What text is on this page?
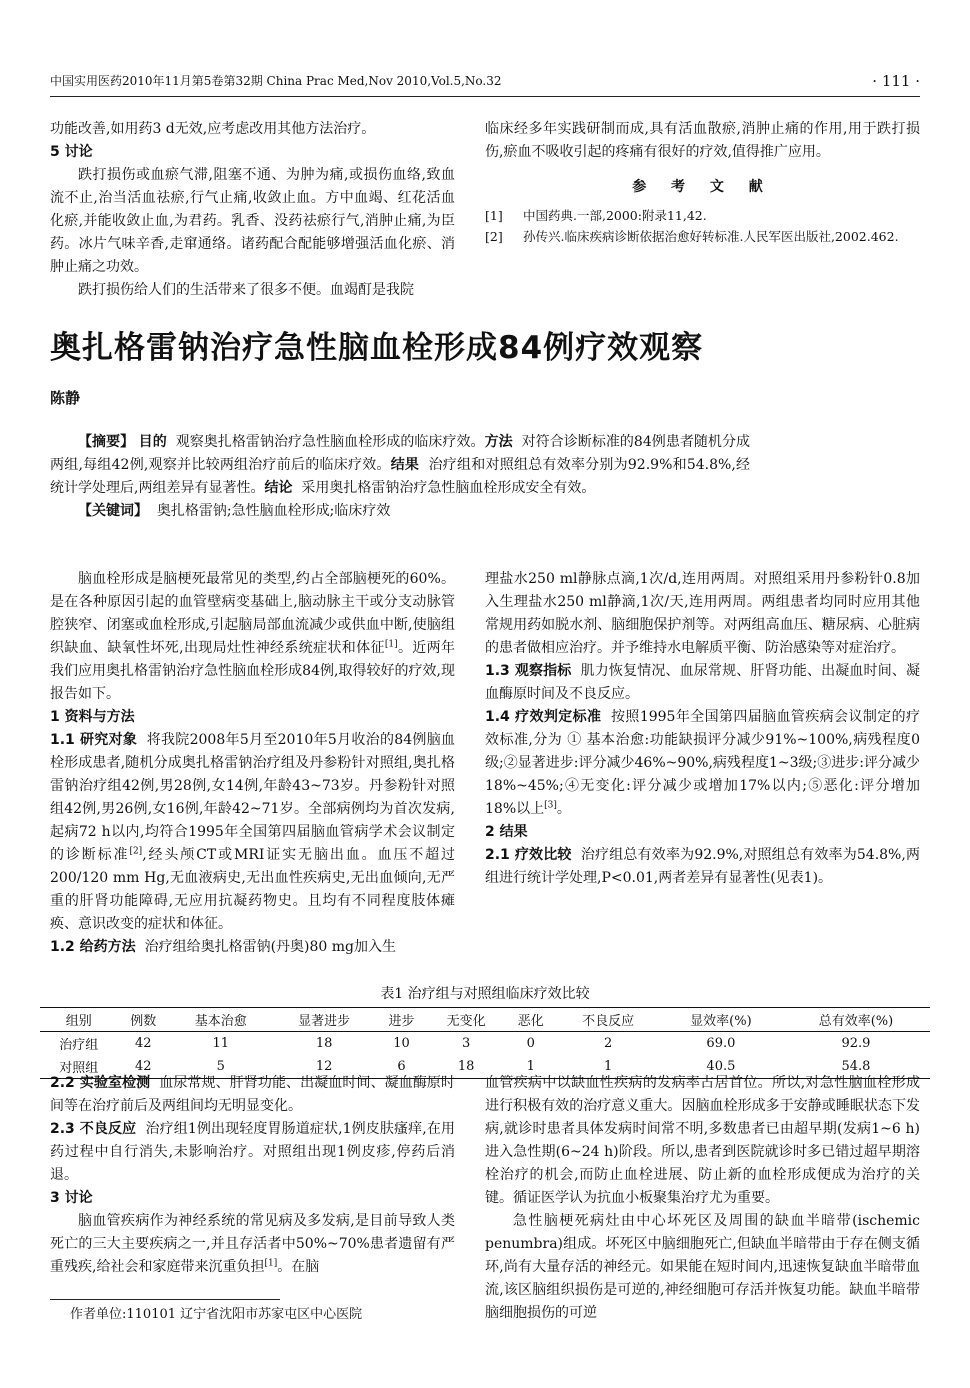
中国实用医药2010年11月第5卷第32期 China Prac Med,Nov 2010,Vol.5,No.32	· 111 ·

功能改善,如用药3 d无效,应考虑改用其他方法治疗。

5 讨论

跌打损伤或血瘀气滞,阻塞不通、为肿为痛,或损伤血络,致血流不止,治当活血祛瘀,行气止痛,收敛止血。方中血竭、红花活血化瘀,并能收敛止血,为君药。乳香、没药祛瘀行气,消肿止痛,为臣药。冰片气味辛香,走窜通络。诸药配合配能够增强活血化瘀、消肿止痛之功效。

跌打损伤给人们的生活带来了很多不便。血竭酊是我院

临床经多年实践研制而成,具有活血散瘀,消肿止痛的作用,用于跌打损伤,瘀血不吸收引起的疼痛有很好的疗效,值得推广应用。

参 考 文 献
[1]	中国药典.一部,2000:附录11,42.
[2]	孙传兴.临床疾病诊断依据治愈好转标准.人民军医出版社,2002.462.
奥扎格雷钠治疗急性脑血栓形成84例疗效观察
陈静

【摘要】 目的 观察奥扎格雷钠治疗急性脑血栓形成的临床疗效。方法 对符合诊断标准的84例患者随机分成两组,每组42例,观察并比较两组治疗前后的临床疗效。结果 治疗组和对照组总有效率分别为92.9%和54.8%,经统计学处理后,两组差异有显著性。结论 采用奥扎格雷钠治疗急性脑血栓形成安全有效。

【关键词】 奥扎格雷钠;急性脑血栓形成;临床疗效

脑血栓形成是脑梗死最常见的类型,约占全部脑梗死的60%。是在各种原因引起的血管壁病变基础上,脑动脉主干或分支动脉管腔狭窄、闭塞或血栓形成,引起脑局部血流减少或供血中断,使脑组织缺血、缺氧性坏死,出现局灶性神经系统症状和体征[1]。近两年我们应用奥扎格雷钠治疗急性脑血栓形成84例,取得较好的疗效,现报告如下。

1 资料与方法

1.1 研究对象 将我院2008年5月至2010年5月收治的84例脑血栓形成患者,随机分成奥扎格雷钠治疗组及丹参粉针对照组,奥扎格雷钠治疗组42例,男28例,女14例,年龄43~73岁。丹参粉针对照组42例,男26例,女16例,年龄42~71岁。全部病例均为首次发病,起病72 h以内,均符合1995年全国第四届脑血管病学术会议制定的诊断标准[2],经头颅CT或MRI证实无脑出血。血压不超过200/120 mm Hg,无血液病史,无出血性疾病史,无出血倾向,无严重的肝肾功能障碍,无应用抗凝药物史。且均有不同程度肢体瘫痪、意识改变的症状和体征。

1.2 给药方法 治疗组给奥扎格雷钠(丹奥)80 mg加入生

理盐水250 ml静脉点滴,1次/d,连用两周。对照组采用丹参粉针0.8加入生理盐水250 ml静滴,1次/天,连用两周。两组患者均同时应用其他常规用药如脱水剂、脑细胞保护剂等。对两组高血压、糖尿病、心脏病的患者做相应治疗。并予维持水电解质平衡、防治感染等对症治疗。

1.3 观察指标 肌力恢复情况、血尿常规、肝肾功能、出凝血时间、凝血酶原时间及不良反应。

1.4 疗效判定标准 按照1995年全国第四届脑血管疾病会议制定的疗效标准,分为 ① 基本治愈:功能缺损评分减少91%~100%,病残程度0级;②显著进步:评分减少46%~90%,病残程度1~3级;③进步:评分减少18%~45%;④无变化:评分减少或增加17%以内;⑤恶化:评分增加18%以上[3]。

2 结果

2.1 疗效比较 治疗组总有效率为92.9%,对照组总有效率为54.8%,两组进行统计学处理,P<0.01,两者差异有显著性(见表1)。

表1 治疗组与对照组临床疗效比较
组别	例数	基本治愈	显著进步	进步	无变化	恶化	不良反应	显效率(%)	总有效率(%)
治疗组	42	11	18	10	3	0	2	69.0	92.9
对照组	42	5	12	6	18	1	1	40.5	54.8

2.2 实验室检测 血尿常规、肝肾功能、出凝血时间、凝血酶原时间等在治疗前后及两组间均无明显变化。

2.3 不良反应 治疗组1例出现轻度胃肠道症状,1例皮肤瘙痒,在用药过程中自行消失,未影响治疗。对照组出现1例皮疹,停药后消退。

3 讨论

脑血管疾病作为神经系统的常见病及多发病,是目前导致人类死亡的三大主要疾病之一,并且存活者中50%~70%患者遗留有严重残疾,给社会和家庭带来沉重负担[1]。在脑

血管疾病中以缺血性疾病的发病率占居首位。所以,对急性脑血栓形成进行积极有效的治疗意义重大。因脑血栓形成多于安静或睡眠状态下发病,就诊时患者具体发病时间常不明,多数患者已由超早期(发病1~6 h)进入急性期(6~24 h)阶段。所以,患者到医院就诊时多已错过超早期溶栓治疗的机会,而防止血栓进展、防止新的血栓形成便成为治疗的关键。循证医学认为抗血小板聚集治疗尤为重要。

急性脑梗死病灶由中心坏死区及周围的缺血半暗带(ischemic penumbra)组成。坏死区中脑细胞死亡,但缺血半暗带由于存在侧支循环,尚有大量存活的神经元。如果能在短时间内,迅速恢复缺血半暗带血流,该区脑组织损伤是可逆的,神经细胞可存活并恢复功能。缺血半暗带脑细胞损伤的可逆

作者单位:110101 辽宁省沈阳市苏家屯区中心医院
